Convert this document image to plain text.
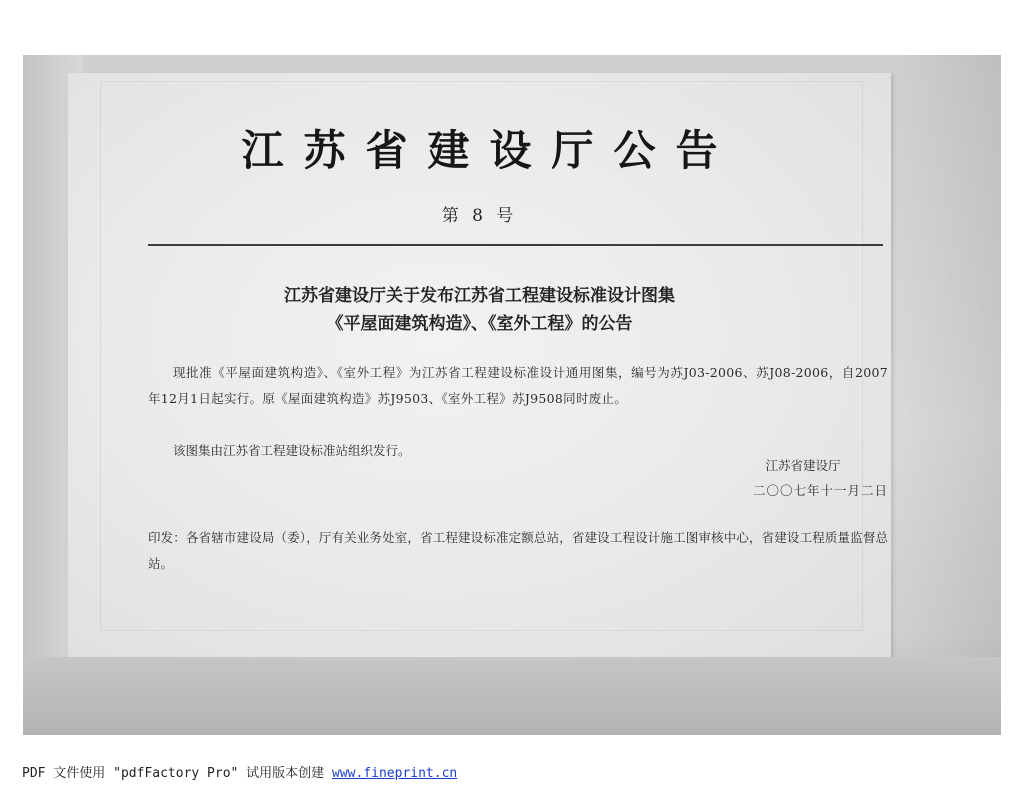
江苏省建设厅公告

第 8 号

江苏省建设厅关于发布江苏省工程建设标准设计图集

《平屋面建筑构造》、《室外工程》的公告

现批准《平屋面建筑构造》、《室外工程》为江苏省工程建设标准设计通用图集，编号为苏J03-2006、苏J08-2006，自2007年12月1日起实行。原《屋面建筑构造》苏J9503、《室外工程》苏J9508同时废止。

该图集由江苏省工程建设标准站组织发行。

江苏省建设厅

二〇〇七年十一月二日

印发：各省辖市建设局（委），厅有关业务处室，省工程建设标准定额总站，省建设工程设计施工图审核中心，省建设工程质量监督总站。

PDF 文件使用 "pdfFactory Pro" 试用版本创建 www.fineprint.cn
